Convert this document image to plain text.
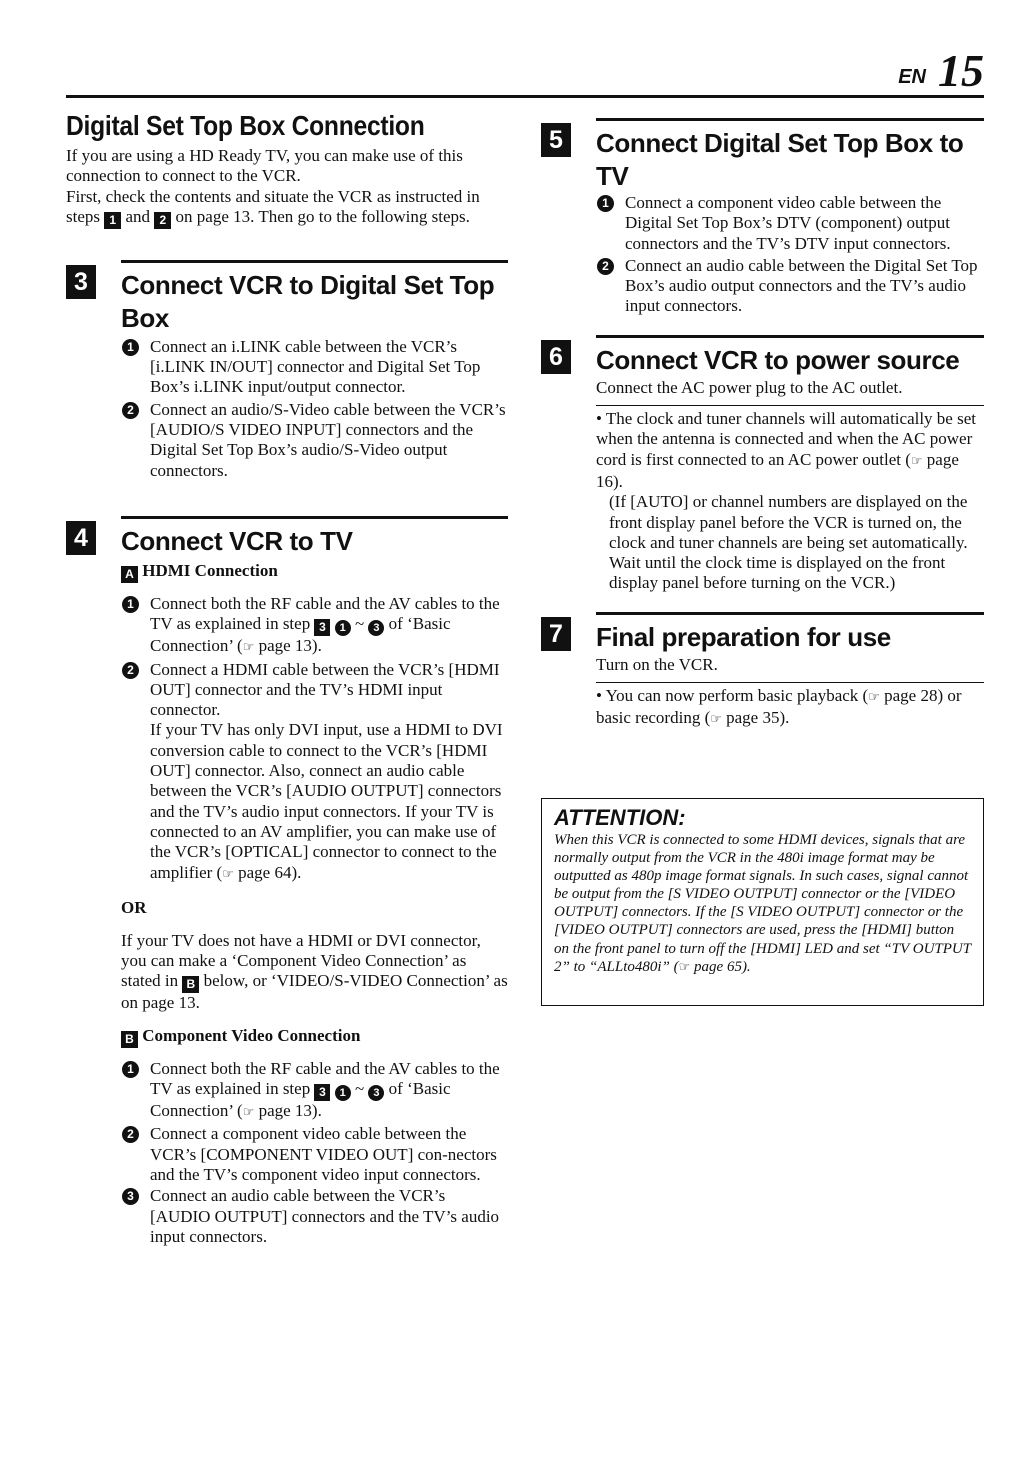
EN 15
Digital Set Top Box Connection

If you are using a HD Ready TV, you can make use of this connection to connect to the VCR.
First, check the contents and situate the VCR as instructed in steps 1 and 2 on page 13. Then go to the following steps.

3	Connect VCR to Digital Set Top Box
1 Connect an i.LINK cable between the VCR’s [i.LINK IN/OUT] connector and Digital Set Top Box’s i.LINK input/output connector.
2 Connect an audio/S-Video cable between the VCR’s [AUDIO/S VIDEO INPUT] connectors and the Digital Set Top Box’s audio/S-Video output connectors.
4	Connect VCR to TV
A HDMI Connection
1 Connect both the RF cable and the AV cables to the TV as explained in step 3 1 ~ 3 of ‘Basic Connection’ (☞ page 13).
2 Connect a HDMI cable between the VCR’s [HDMI OUT] connector and the TV’s HDMI input connector.
If your TV has only DVI input, use a HDMI to DVI conversion cable to connect to the VCR’s [HDMI OUT] connector. Also, connect an audio cable between the VCR’s [AUDIO OUTPUT] connectors and the TV’s audio input connectors. If your TV is connected to an AV amplifier, you can make use of the VCR’s [OPTICAL] connector to connect to the amplifier (☞ page 64).
OR

If your TV does not have a HDMI or DVI connector, you can make a ‘Component Video Connection’ as stated in B below, or ‘VIDEO/S-VIDEO Connection’ as on page 13.

B Component Video Connection
1 Connect both the RF cable and the AV cables to the TV as explained in step 3 1 ~ 3 of ‘Basic Connection’ (☞ page 13).
2 Connect a component video cable between the VCR’s [COMPONENT VIDEO OUT] con-nectors and the TV’s component video input connectors.
3 Connect an audio cable between the VCR’s [AUDIO OUTPUT] connectors and the TV’s audio input connectors.
5	Connect Digital Set Top Box to TV
1 Connect a component video cable between the Digital Set Top Box’s DTV (component) output connectors and the TV’s DTV input connectors.
2 Connect an audio cable between the Digital Set Top Box’s audio output connectors and the TV’s audio input connectors.
6	Connect VCR to power source

Connect the AC power plug to the AC outlet.

• The clock and tuner channels will automatically be set when the antenna is connected and when the AC power cord is first connected to an AC power outlet (☞ page 16).

(If [AUTO] or channel numbers are displayed on the front display panel before the VCR is turned on, the clock and tuner channels are being set automatically. Wait until the clock time is displayed on the front display panel before turning on the VCR.)
7	Final preparation for use

Turn on the VCR.

• You can now perform basic playback (☞ page 28) or basic recording (☞ page 35).
ATTENTION:
When this VCR is connected to some HDMI devices, signals that are normally output from the VCR in the 480i image format may be outputted as 480p image format signals. In such cases, signal cannot be output from the [S VIDEO OUTPUT] connector or the [VIDEO OUTPUT] connectors. If the [S VIDEO OUTPUT] connector or the [VIDEO OUTPUT] connectors are used, press the [HDMI] button on the front panel to turn off the [HDMI] LED and set “TV OUTPUT 2” to “ALLto480i” (☞ page 65).
